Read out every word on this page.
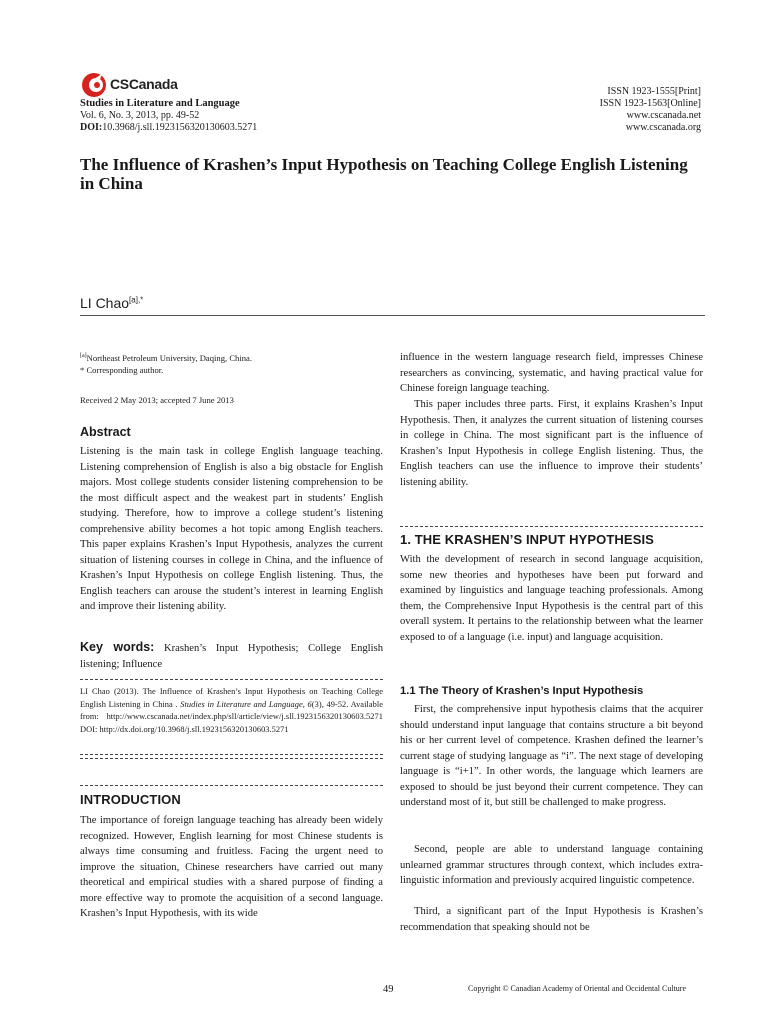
CSCanada
Studies in Literature and Language
Vol. 6, No. 3, 2013, pp. 49-52
DOI:10.3968/j.sll.1923156320130603.5271
ISSN 1923-1555[Print]
ISSN 1923-1563[Online]
www.cscanada.net
www.cscanada.org
The Influence of Krashen’s Input Hypothesis on Teaching College English Listening in China
LI Chao$^{[a],*}$
[a]Northeast Petroleum University, Daqing, China.
* Corresponding author.
Received 2 May 2013; accepted 7 June 2013
Abstract
Listening is the main task in college English language teaching. Listening comprehension of English is also a big obstacle for English majors. Most college students consider listening comprehension to be the most difficult aspect and the weakest part in students’ English studying. Therefore, how to improve a college student’s listening comprehensive ability becomes a hot topic among English teachers. This paper explains Krashen’s Input Hypothesis, analyzes the current situation of listening courses in college in China, and the influence of Krashen’s Input Hypothesis on college English listening. Thus, the English teachers can arouse the student’s interest in learning English and improve their listening ability.
Key words: Krashen’s Input Hypothesis; College English listening; Influence
LI Chao (2013). The Influence of Krashen’s Input Hypothesis on Teaching College English Listening in China . Studies in Literature and Language, 6(3), 49-52. Available from: http://www.cscanada.net/index.php/sll/article/view/j.sll.1923156320130603.5271 DOI: http://dx.doi.org/10.3968/j.sll.1923156320130603.5271
INTRODUCTION
The importance of foreign language teaching has already been widely recognized. However, English learning for most Chinese students is always time consuming and fruitless. Facing the urgent need to improve the situation, Chinese researchers have carried out many theoretical and empirical studies with a shared purpose of finding a more effective way to promote the acquisition of a second language. Krashen’s Input Hypothesis, with its wide
influence in the western language research field, impresses Chinese researchers as convincing, systematic, and having practical value for Chinese foreign language teaching.
This paper includes three parts. First, it explains Krashen’s Input Hypothesis. Then, it analyzes the current situation of listening courses in college in China. The most significant part is the influence of Krashen’s Input Hypothesis in college English listening. Thus, the English teachers can use the influence to improve their students’ listening ability.
1. THE KRASHEN’S INPUT HYPOTHESIS
With the development of research in second language acquisition, some new theories and hypotheses have been put forward and examined by linguistics and language teaching professionals. Among them, the Comprehensive Input Hypothesis is the central part of this overall system. It pertains to the relationship between what the learner exposed to of a language (i.e. input) and language acquisition.
1.1 The Theory of Krashen’s Input Hypothesis
First, the comprehensive input hypothesis claims that the acquirer should understand input language that contains structure a bit beyond his or her current level of competence. Krashen defined the learner’s current stage of studying language as “i”. The next stage of developing language is “i+1”. In other words, the language which learners are exposed to should be just beyond their current competence. They can understand most of it, but still be challenged to make progress.
Second, people are able to understand language containing unlearned grammar structures through context, which includes extra-linguistic information and previously acquired linguistic competence.
Third, a significant part of the Input Hypothesis is Krashen’s recommendation that speaking should not be
49	Copyright © Canadian Academy of Oriental and Occidental Culture
